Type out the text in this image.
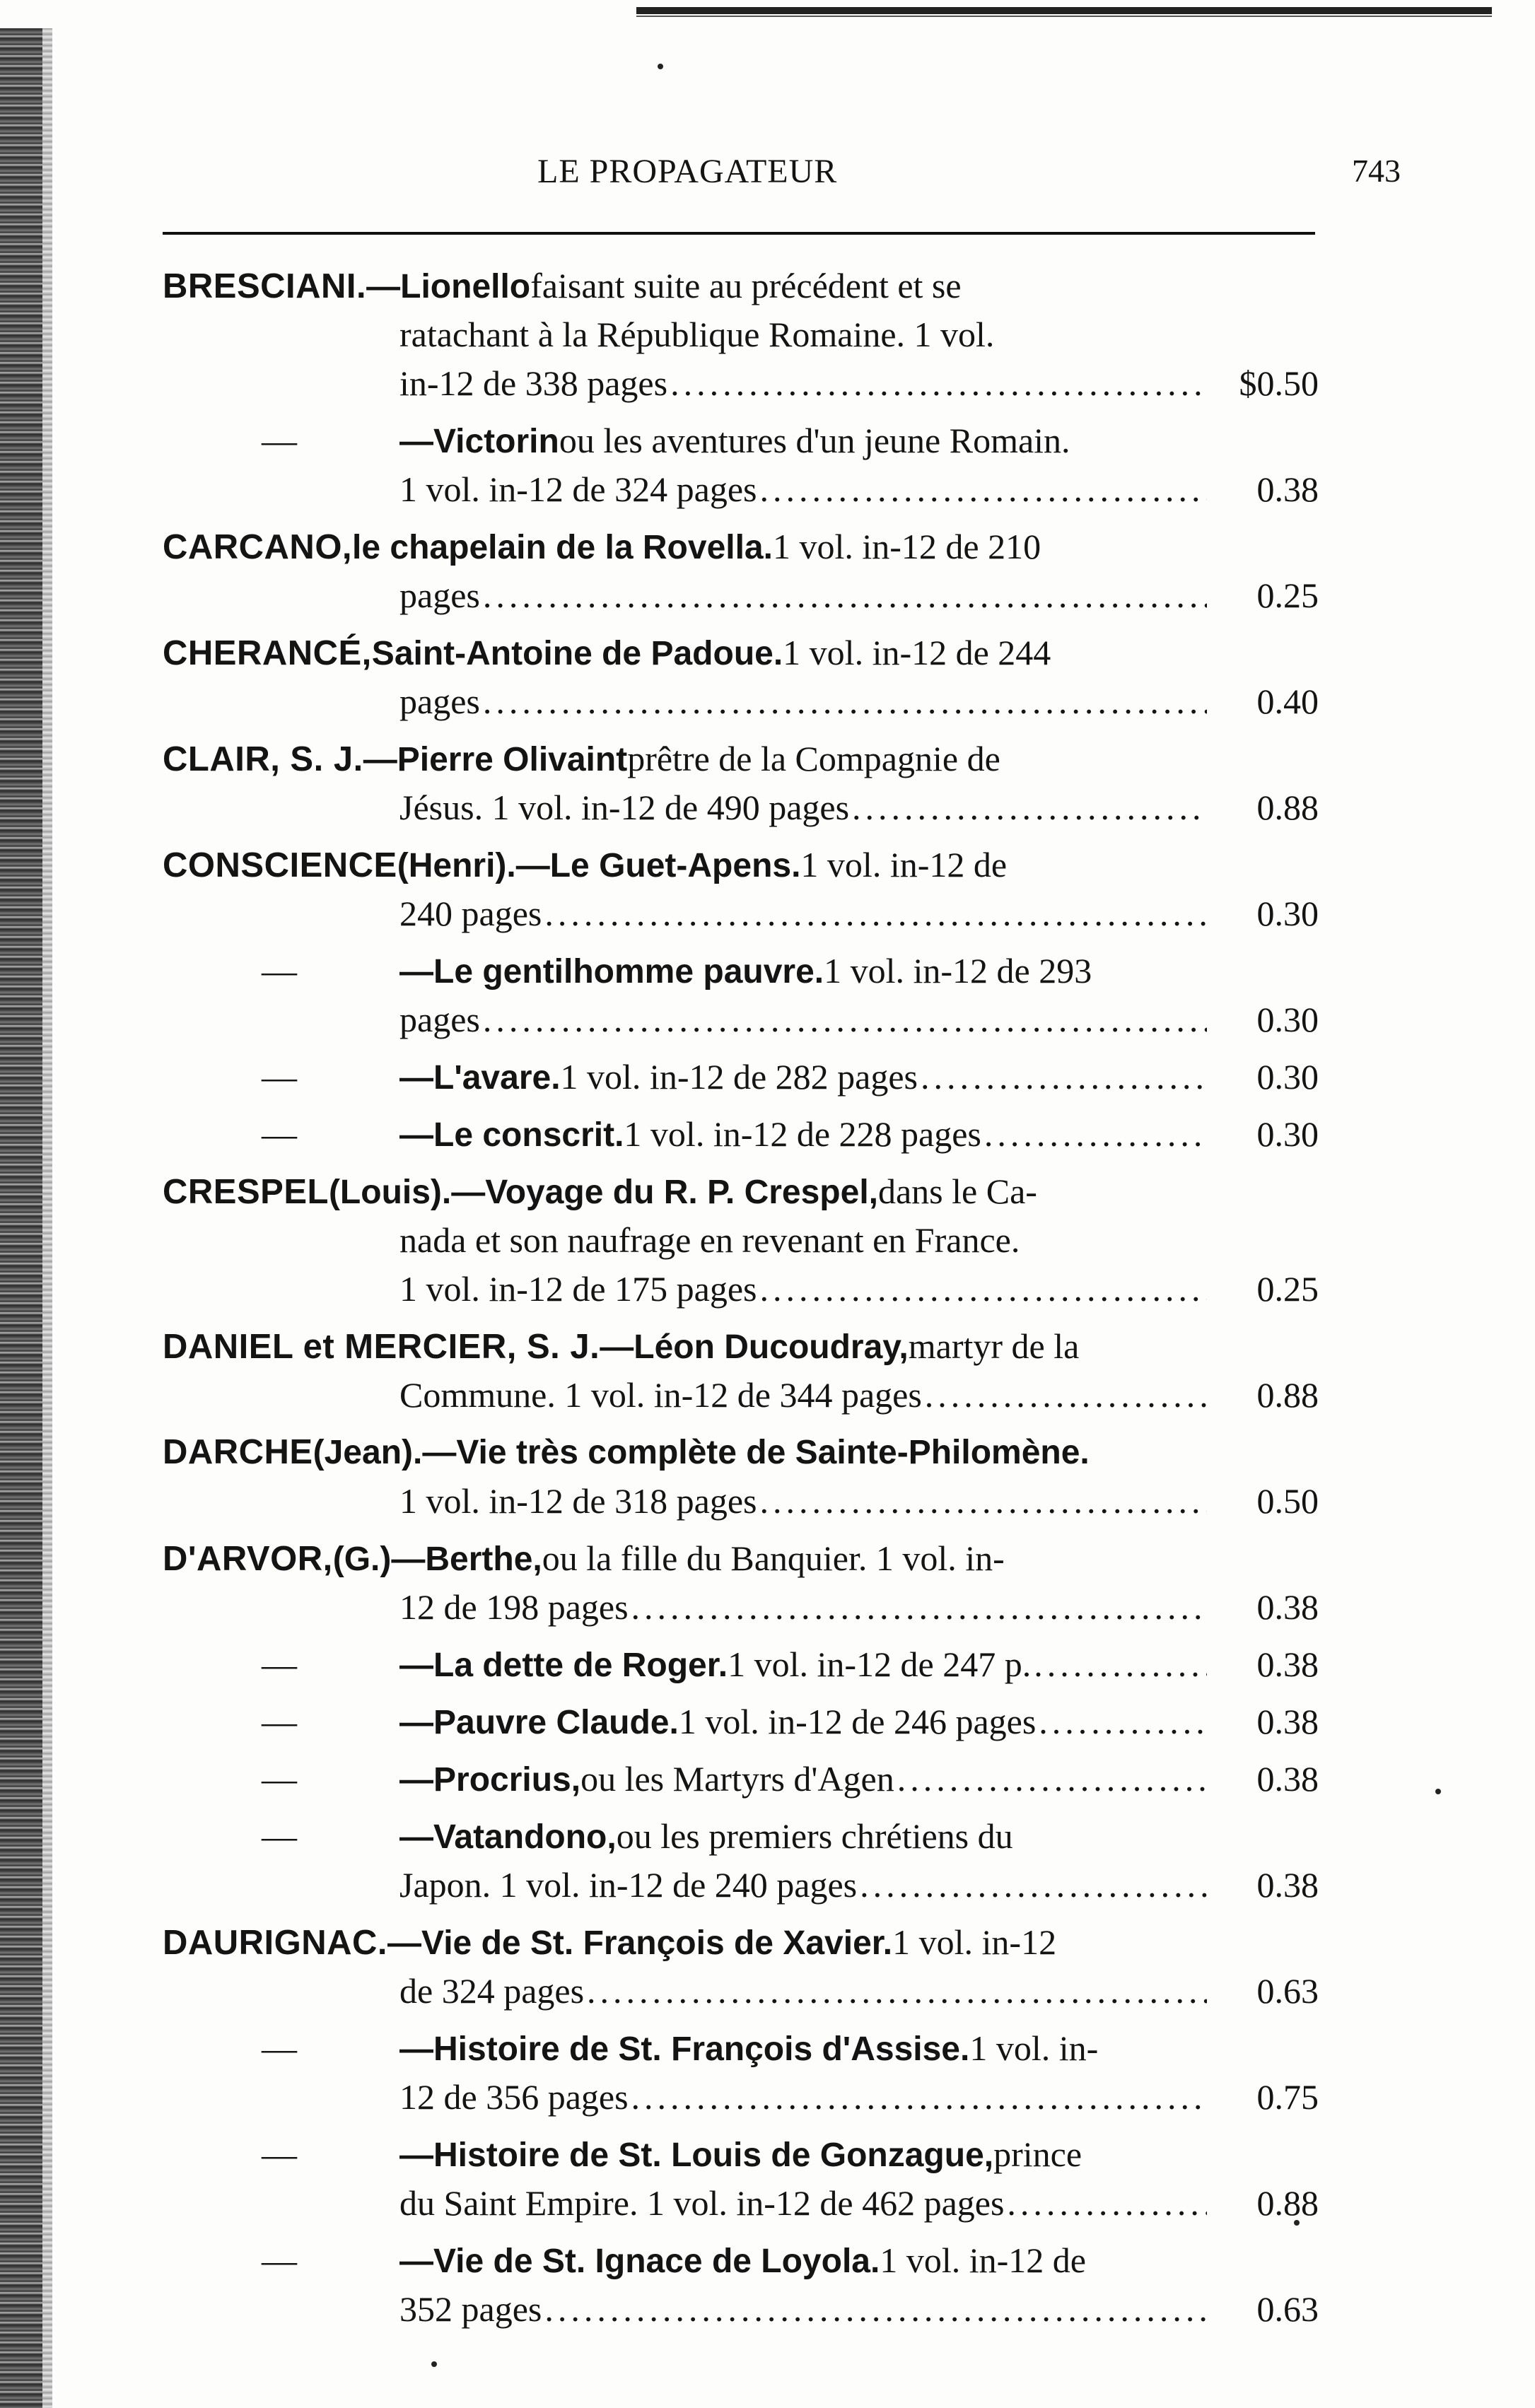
LE PROPAGATEUR	743
BRESCIANI. —Lionello faisant suite au précédent et se
ratachant à la République Romaine. 1 vol.
in-12 de 338 pages .....	$0.50
—	—Victorin ou les aventures d'un jeune Romain.
1 vol. in-12 de 324 pages .....	0.38
CARCANO, le chapelain de la Rovella. 1 vol. in-12 de 210
pages .....	0.25
CHERANCÉ, Saint-Antoine de Padoue. 1 vol. in-12 de 244
pages .....	0.40
CLAIR, S. J. —Pierre Olivaint prêtre de la Compagnie de
Jésus. 1 vol. in-12 de 490 pages .....	0.88
CONSCIENCE (Henri).—Le Guet-Apens. 1 vol. in-12 de
240 pages .....	0.30
—	—Le gentilhomme pauvre. 1 vol. in-12 de 293
pages .....	0.30
—	—L'avare. 1 vol. in-12 de 282 pages .....	0.30
—	—Le conscrit. 1 vol. in-12 de 228 pages .....	0.30
CRESPEL (Louis).—Voyage du R. P. Crespel, dans le Ca-
nada et son naufrage en revenant en France.
1 vol. in-12 de 175 pages .....	0.25
DANIEL et MERCIER, S. J. —Léon Ducoudray, martyr de la
Commune. 1 vol. in-12 de 344 pages .....	0.88
DARCHE (Jean).—Vie très complète de Sainte-Philomène.
1 vol. in-12 de 318 pages .....	0.50
D'ARVOR, (G.)—Berthe, ou la fille du Banquier. 1 vol. in-
12 de 198 pages .....	0.38
—	—La dette de Roger. 1 vol. in-12 de 247 p. .....	0.38
—	—Pauvre Claude. 1 vol. in-12 de 246 pages .....	0.38
—	—Procrius, ou les Martyrs d'Agen .....	0.38
—	—Vatandono, ou les premiers chrétiens du
Japon. 1 vol. in-12 de 240 pages .....	0.38
DAURIGNAC. —Vie de St. François de Xavier. 1 vol. in-12
de 324 pages .....	0.63
—	—Histoire de St. François d'Assise. 1 vol. in-
12 de 356 pages .....	0.75
—	—Histoire de St. Louis de Gonzague, prince
du Saint Empire. 1 vol. in-12 de 462 pages .....	0.88
—	—Vie de St. Ignace de Loyola. 1 vol. in-12 de
352 pages .....	0.63
